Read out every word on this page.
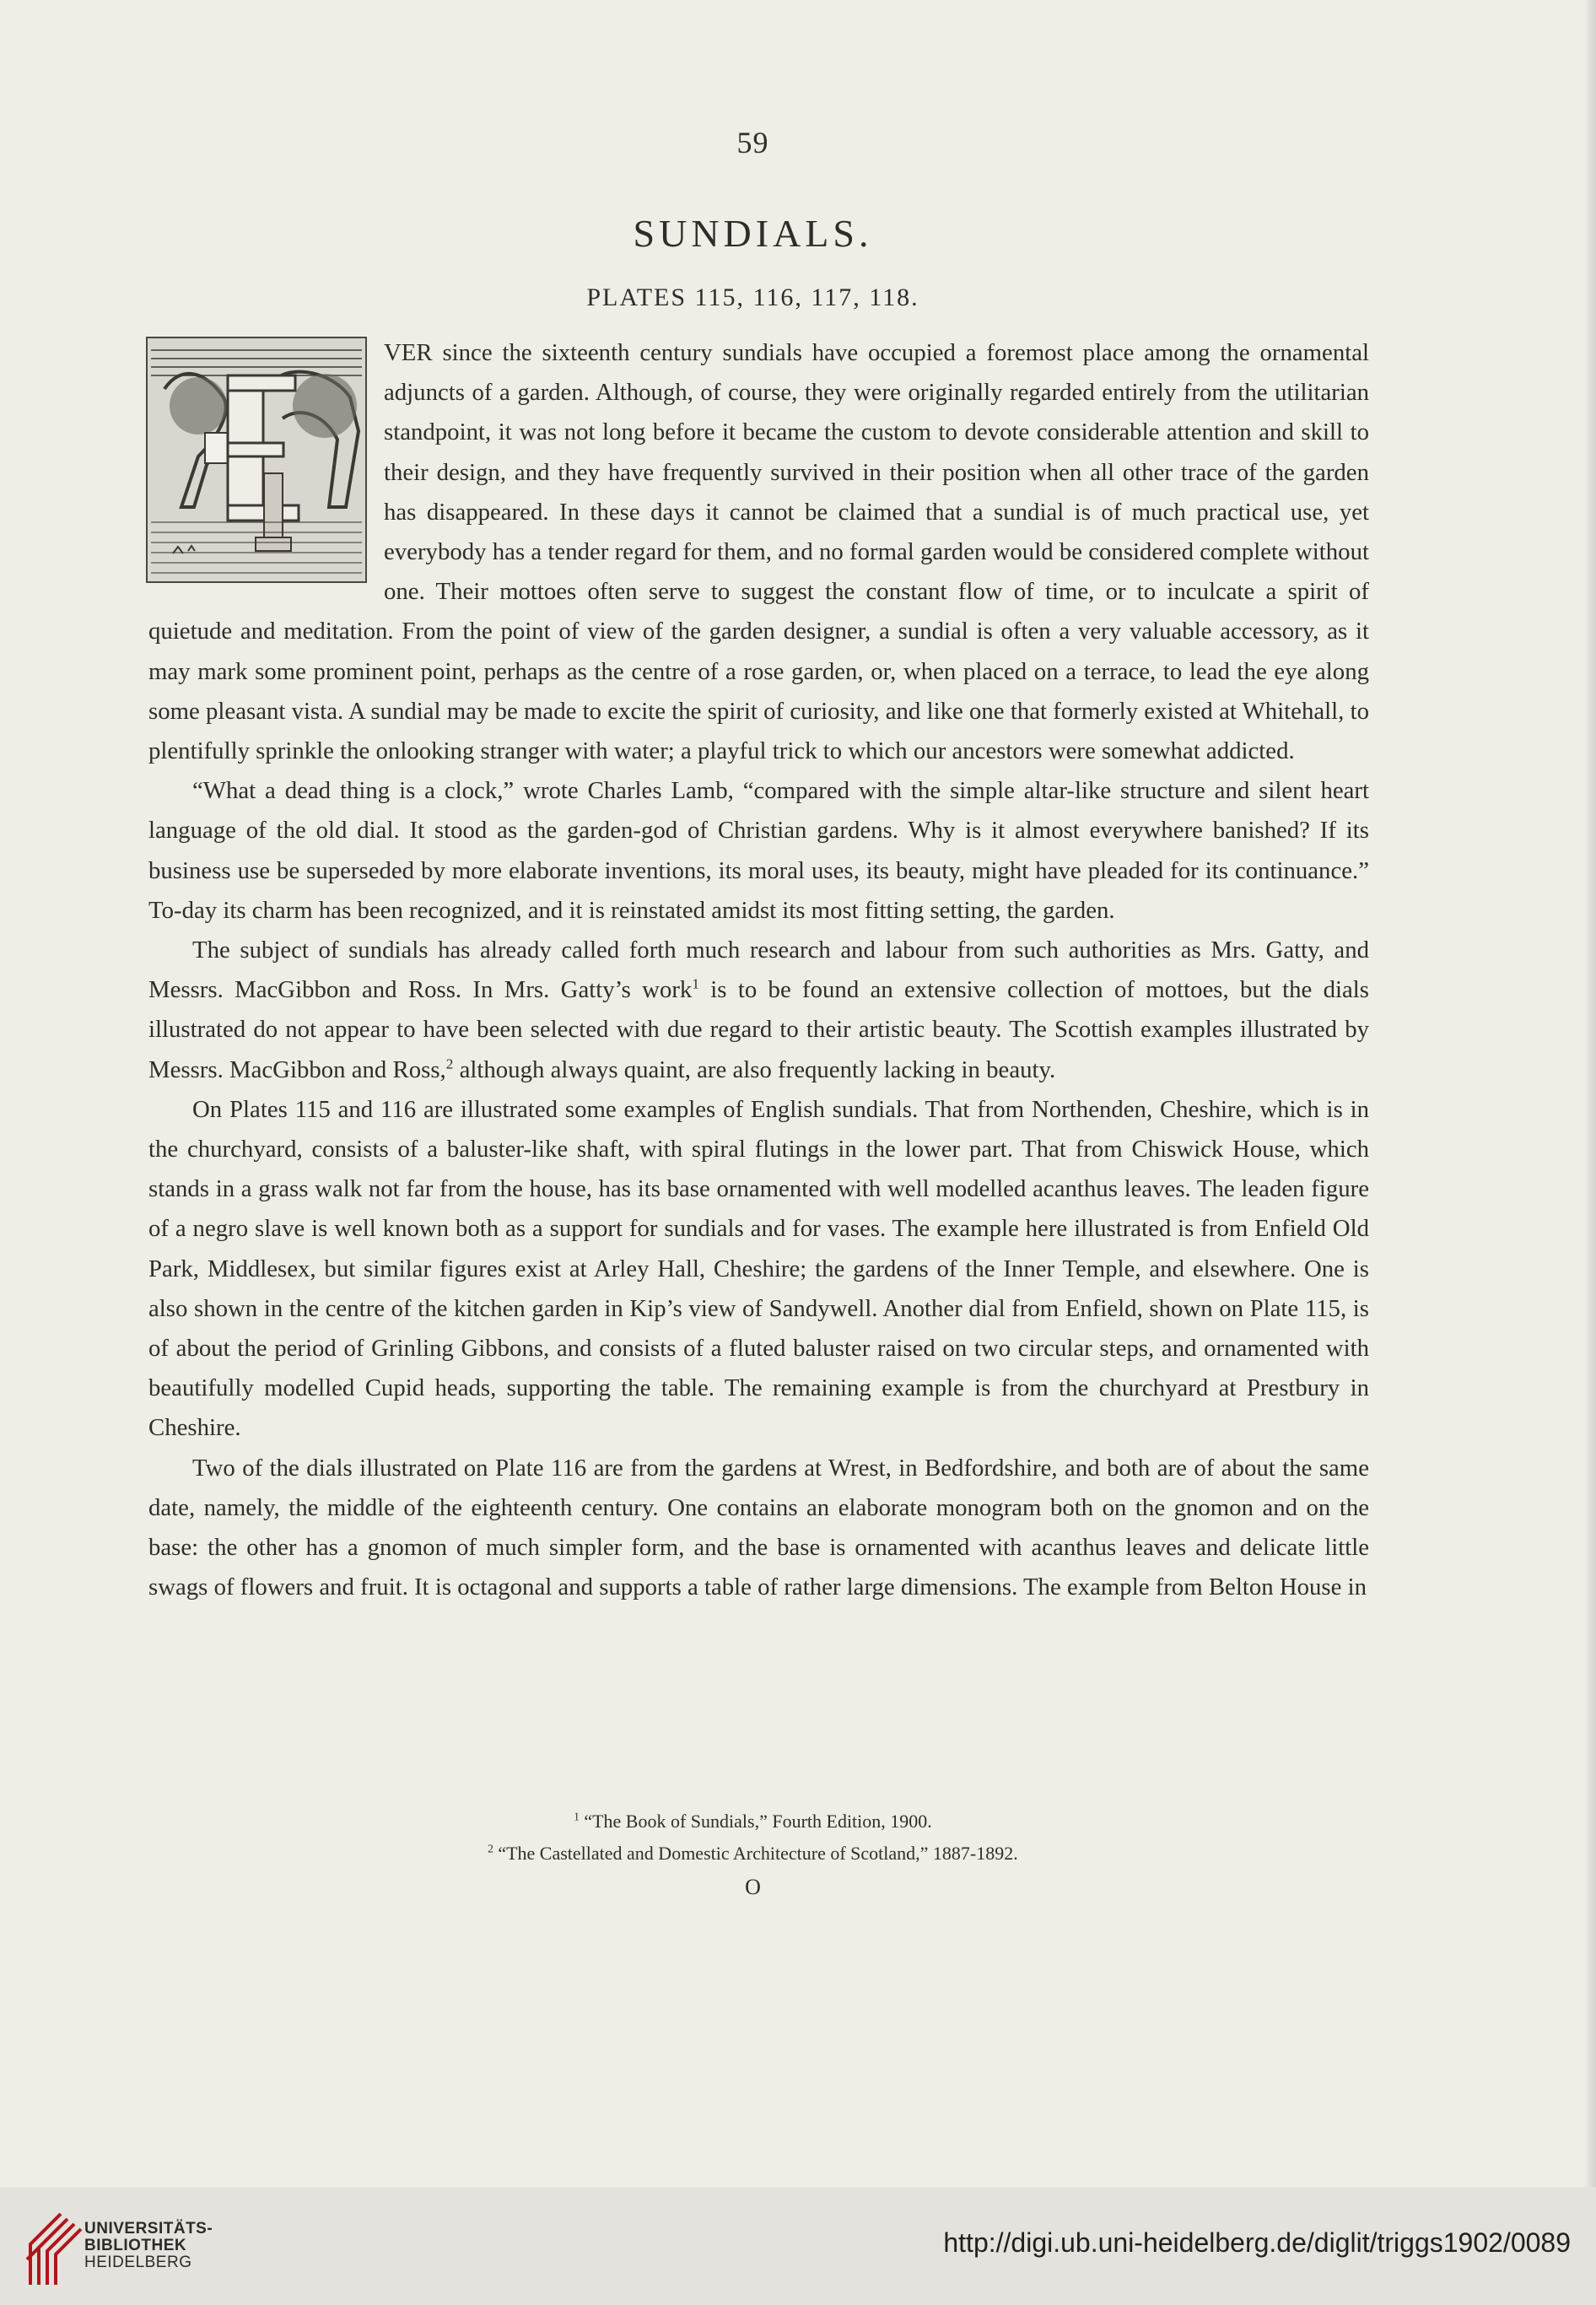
59
SUNDIALS.
PLATES 115, 116, 117, 118.

VER since the sixteenth century sundials have occupied a foremost place among the ornamental adjuncts of a garden. Although, of course, they were originally regarded entirely from the utilitarian standpoint, it was not long before it became the custom to devote considerable attention and skill to their design, and they have frequently survived in their position when all other trace of the garden has disappeared. In these days it cannot be claimed that a sundial is of much practical use, yet everybody has a tender regard for them, and no formal garden would be considered complete without one. Their mottoes often serve to suggest the constant flow of time, or to inculcate a spirit of quietude and meditation. From the point of view of the garden designer, a sundial is often a very valuable accessory, as it may mark some prominent point, perhaps as the centre of a rose garden, or, when placed on a terrace, to lead the eye along some pleasant vista. A sundial may be made to excite the spirit of curiosity, and like one that formerly existed at Whitehall, to plentifully sprinkle the onlooking stranger with water; a playful trick to which our ancestors were somewhat addicted.

“What a dead thing is a clock,” wrote Charles Lamb, “compared with the simple altar-like structure and silent heart language of the old dial. It stood as the garden-god of Christian gardens. Why is it almost everywhere banished? If its business use be superseded by more elaborate inventions, its moral uses, its beauty, might have pleaded for its continuance.” To-day its charm has been recognized, and it is reinstated amidst its most fitting setting, the garden.

The subject of sundials has already called forth much research and labour from such authorities as Mrs. Gatty, and Messrs. MacGibbon and Ross. In Mrs. Gatty’s work$^1$ is to be found an extensive collection of mottoes, but the dials illustrated do not appear to have been selected with due regard to their artistic beauty. The Scottish examples illustrated by Messrs. MacGibbon and Ross,$^2$ although always quaint, are also frequently lacking in beauty.

On Plates 115 and 116 are illustrated some examples of English sundials. That from Northenden, Cheshire, which is in the churchyard, consists of a baluster-like shaft, with spiral flutings in the lower part. That from Chiswick House, which stands in a grass walk not far from the house, has its base ornamented with well modelled acanthus leaves. The leaden figure of a negro slave is well known both as a support for sundials and for vases. The example here illustrated is from Enfield Old Park, Middlesex, but similar figures exist at Arley Hall, Cheshire; the gardens of the Inner Temple, and elsewhere. One is also shown in the centre of the kitchen garden in Kip’s view of Sandywell. Another dial from Enfield, shown on Plate 115, is of about the period of Grinling Gibbons, and consists of a fluted baluster raised on two circular steps, and ornamented with beautifully modelled Cupid heads, supporting the table. The remaining example is from the churchyard at Prestbury in Cheshire.

Two of the dials illustrated on Plate 116 are from the gardens at Wrest, in Bedfordshire, and both are of about the same date, namely, the middle of the eighteenth century. One contains an elaborate monogram both on the gnomon and on the base: the other has a gnomon of much simpler form, and the base is ornamented with acanthus leaves and delicate little swags of flowers and fruit. It is octagonal and supports a table of rather large dimensions. The example from Belton House in

$^1$ “The Book of Sundials,” Fourth Edition, 1900.
$^2$ “The Castellated and Domestic Architecture of Scotland,” 1887-1892.
O
UNIVERSITÄTS-
BIBLIOTHEK
HEIDELBERG
http://digi.ub.uni-heidelberg.de/diglit/triggs1902/0089
